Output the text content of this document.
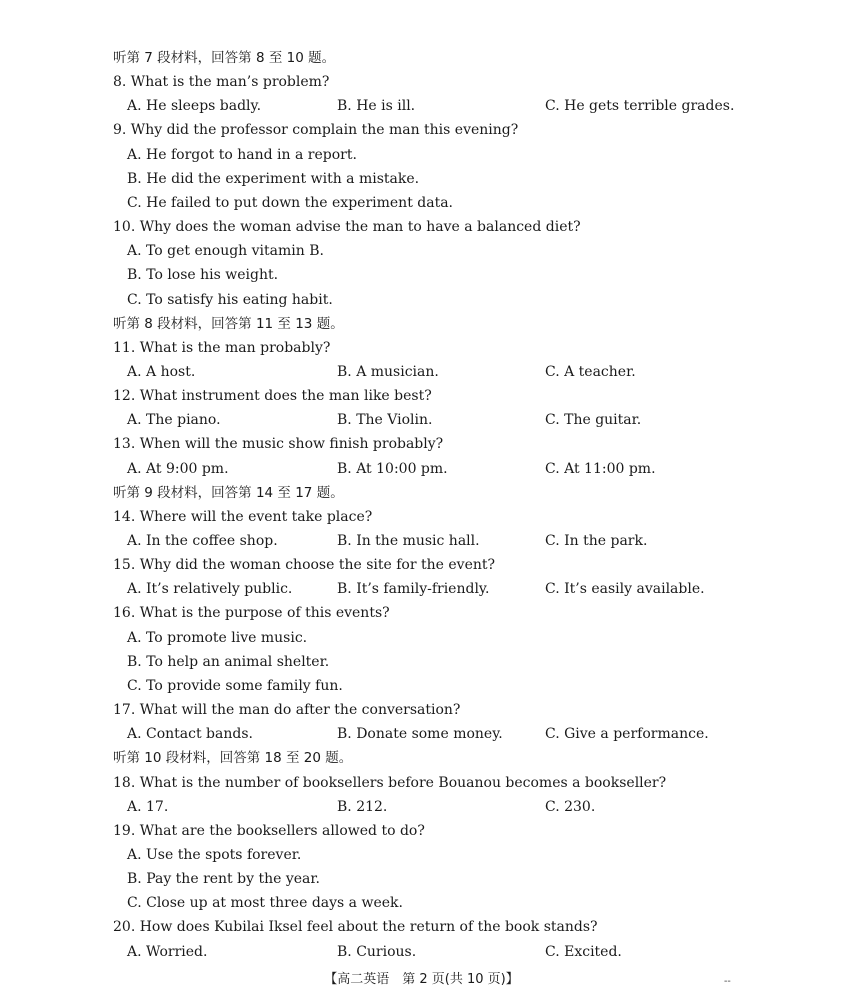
听第 7 段材料，回答第 8 至 10 题。
8. What is the man’s problem?
A. He sleeps badly.	B. He is ill.	C. He gets terrible grades.
9. Why did the professor complain the man this evening?
A. He forgot to hand in a report.
B. He did the experiment with a mistake.
C. He failed to put down the experiment data.
10. Why does the woman advise the man to have a balanced diet?
A. To get enough vitamin B.
B. To lose his weight.
C. To satisfy his eating habit.
听第 8 段材料，回答第 11 至 13 题。
11. What is the man probably?
A. A host.	B. A musician.	C. A teacher.
12. What instrument does the man like best?
A. The piano.	B. The Violin.	C. The guitar.
13. When will the music show finish probably?
A. At 9:00 pm.	B. At 10:00 pm.	C. At 11:00 pm.
听第 9 段材料，回答第 14 至 17 题。
14. Where will the event take place?
A. In the coffee shop.	B. In the music hall.	C. In the park.
15. Why did the woman choose the site for the event?
A. It’s relatively public.	B. It’s family-friendly.	C. It’s easily available.
16. What is the purpose of this events?
A. To promote live music.
B. To help an animal shelter.
C. To provide some family fun.
17. What will the man do after the conversation?
A. Contact bands.	B. Donate some money.	C. Give a performance.
听第 10 段材料，回答第 18 至 20 题。
18. What is the number of booksellers before Bouanou becomes a bookseller?
A. 17.	B. 212.	C. 230.
19. What are the booksellers allowed to do?
A. Use the spots forever.
B. Pay the rent by the year.
C. Close up at most three days a week.
20. How does Kubilai Iksel feel about the return of the book stands?
A. Worried.	B. Curious.	C. Excited.
【高二英语　第 2 页(共 10 页)】	--
